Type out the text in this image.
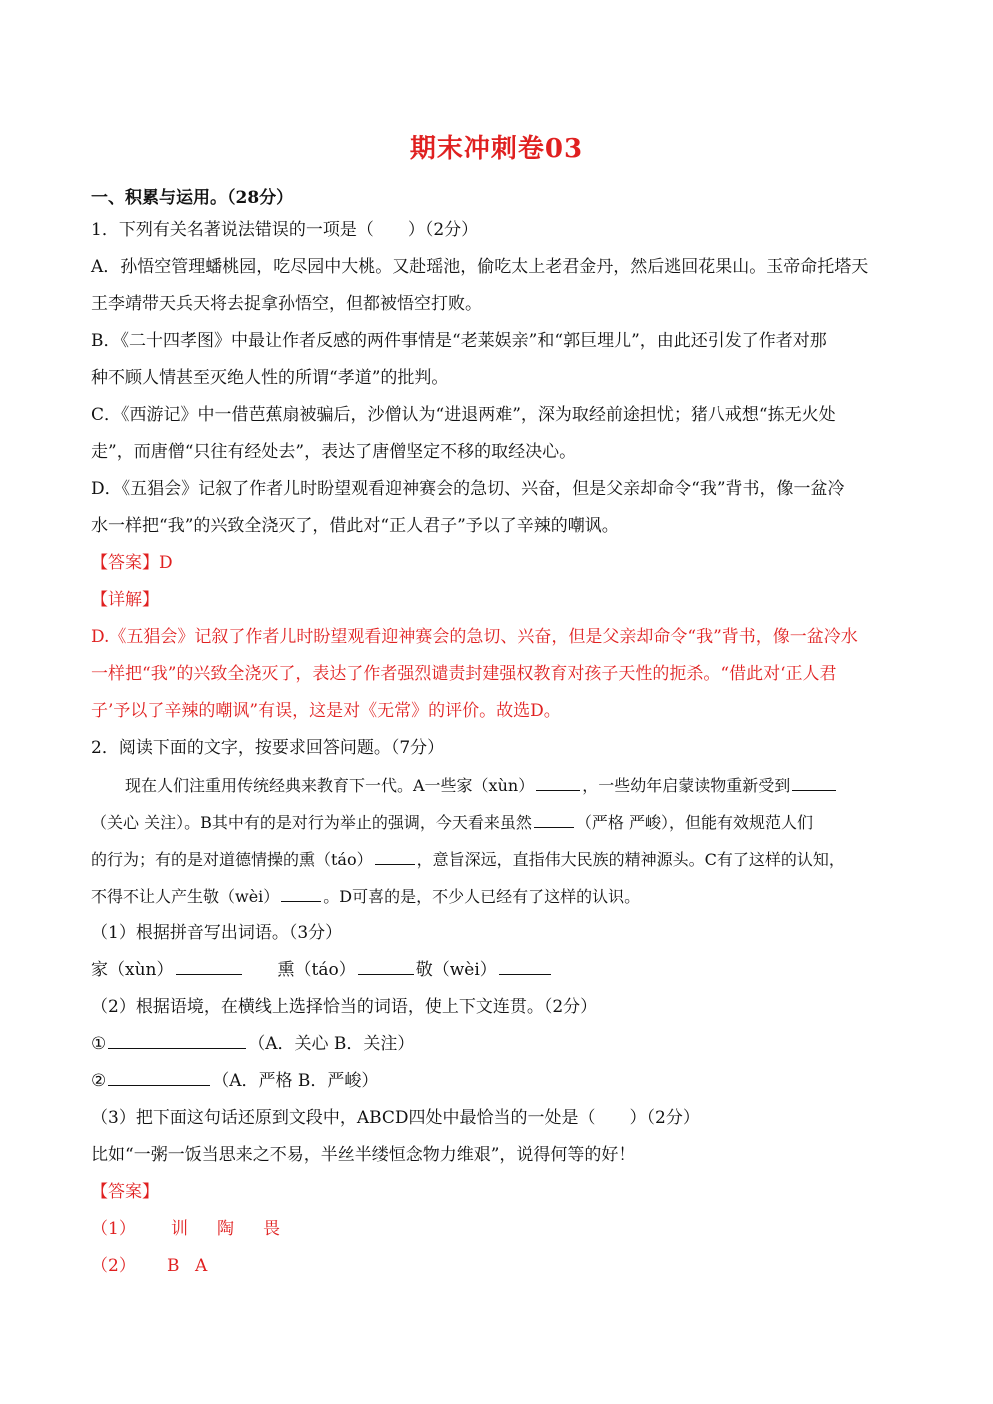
期末冲刺卷03
一、积累与运用。（28分）
1．下列有关名著说法错误的一项是（　　）（2分）
A．孙悟空管理蟠桃园，吃尽园中大桃。又赴瑶池，偷吃太上老君金丹，然后逃回花果山。玉帝命托塔天
王李靖带天兵天将去捉拿孙悟空，但都被悟空打败。
B．《二十四孝图》中最让作者反感的两件事情是“老莱娱亲”和“郭巨埋儿”，由此还引发了作者对那
种不顾人情甚至灭绝人性的所谓“孝道”的批判。
C．《西游记》中一借芭蕉扇被骗后，沙僧认为“进退两难”，深为取经前途担忧；猪八戒想“拣无火处
走”，而唐僧“只往有经处去”，表达了唐僧坚定不移的取经决心。
D．《五猖会》记叙了作者儿时盼望观看迎神赛会的急切、兴奋，但是父亲却命令“我”背书，像一盆冷
水一样把“我”的兴致全浇灭了，借此对“正人君子”予以了辛辣的嘲讽。
【答案】D
【详解】
D.《五猖会》记叙了作者儿时盼望观看迎神赛会的急切、兴奋，但是父亲却命令“我”背书，像一盆冷水
一样把“我”的兴致全浇灭了，表达了作者强烈谴责封建强权教育对孩子天性的扼杀。“借此对‘正人君
子’予以了辛辣的嘲讽”有误，这是对《无常》的评价。故选D。
2．阅读下面的文字，按要求回答问题。（7分）
现在人们注重用传统经典来教育下一代。A一些家（xùn）	，一些幼年启蒙读物重新受到
（关心 关注）。B其中有的是对行为举止的强调，今天看来虽然	（严格 严峻），但能有效规范人们
的行为；有的是对道德情操的熏（táo）	，意旨深远，直指伟大民族的精神源头。C有了这样的认知，
不得不让人产生敬（wèi）	。D可喜的是，不少人已经有了这样的认识。
（1）根据拼音写出词语。（3分）
家（xùn）	熏（táo）	敬（wèi）
（2）根据语境，在横线上选择恰当的词语，使上下文连贯。（2分）
①	（A．关心 B．关注）
②	（A．严格 B．严峻）
（3）把下面这句话还原到文段中，ABCD四处中最恰当的一处是（　　）（2分）
比如“一粥一饭当思来之不易，半丝半缕恒念物力维艰”，说得何等的好！
【答案】
（1） 训 陶 畏
（2） B A
